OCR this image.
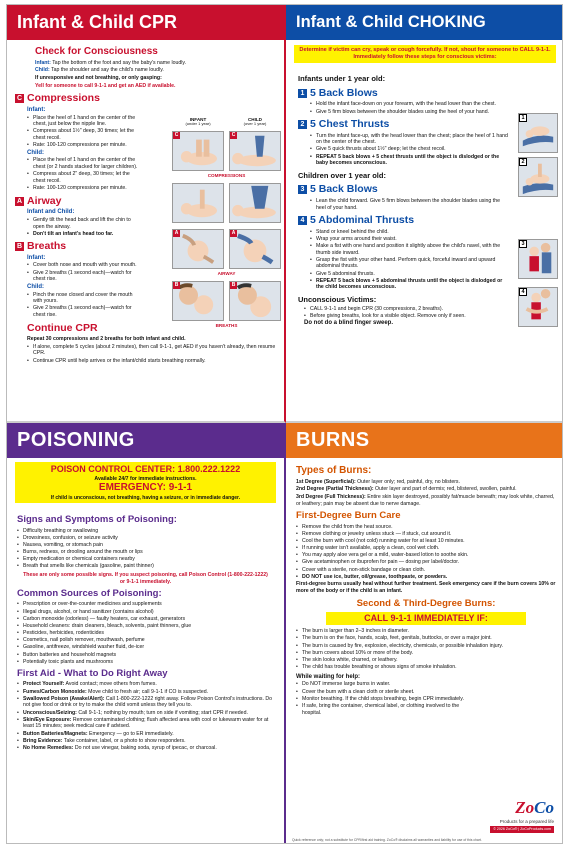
Infant & Child CPR
Check for Consciousness

Infant: Tap the bottom of the foot and say the baby's name loudly.

Child: Tap the shoulder and say the child's name loudly.

If unresponsive and not breathing, or only gasping:

Yell for someone to call 9-1-1 and get an AED if available.

C Compressions
Infant:
• Place the heel of 1 hand on the center of the chest, just below the nipple line.
• Compress about 1½" deep, 30 times; let the chest recoil.
• Rate: 100-120 compressions per minute.
Child:
• Place the heel of 1 hand on the center of the chest (or 2 hands stacked for larger children).
• Compress about 2" deep, 30 times; let the chest recoil.
• Rate: 100-120 compressions per minute.
A Airway
Infant and Child:
• Gently tilt the head back and lift the chin to open the airway.
• Don't tilt an infant's head too far.
B Breaths
Infant:
• Cover both nose and mouth with your mouth.
• Give 2 breaths (1 second each)—watch for chest rise.
Child:
• Pinch the nose closed and cover the mouth with yours.
• Give 2 breaths (1 second each)—watch for chest rise.
Continue CPR

Repeat 30 compressions and 2 breaths for both infant and child.

• If alone, complete 5 cycles (about 2 minutes), then call 9-1-1, get AED if you haven't already, then resume CPR.
• Continue CPR until help arrives or the infant/child starts breathing normally.
INFANT
(under 1 year)
CHILD
(over 1 year)
C	C
COMPRESSIONS
A	A
AIRWAY
B	B
BREATHS
Infant & Child CHOKING
Determine if victim can cry, speak or cough forcefully. If not, shout for someone to CALL 9-1-1. Immediately follow these steps for conscious victims:
Infants under 1 year old:
1 5 Back Blows
• Hold the infant face-down on your forearm, with the head lower than the chest.
• Give 5 firm blows between the shoulder blades using the heel of your hand.
2 5 Chest Thrusts
• Turn the infant face-up, with the head lower than the chest; place the heel of 1 hand on the center of the chest.
• Give 5 quick thrusts about 1½" deep; let the chest recoil.
• REPEAT 5 back blows + 5 chest thrusts until the object is dislodged or the baby becomes unconscious.
Children over 1 year old:
3 5 Back Blows
• Lean the child forward. Give 5 firm blows between the shoulder blades using the heel of your hand.
4 5 Abdominal Thrusts
• Stand or kneel behind the child.
• Wrap your arms around their waist.
• Make a fist with one hand and position it slightly above the child's navel, with the thumb side inward.
• Grasp the fist with your other hand. Perform quick, forceful inward and upward abdominal thrusts.
• Give 5 abdominal thrusts.
• REPEAT 5 back blows + 5 abdominal thrusts until the object is dislodged or the child becomes unconscious.
Unconscious Victims:
• CALL 9-1-1 and begin CPR (30 compressions, 2 breaths).
• Before giving breaths, look for a visible object. Remove only if seen.

Do not do a blind finger sweep.

1
2
3
4
POISONING
POISON CONTROL CENTER: 1.800.222.1222
Available 24/7 for immediate instructions.
EMERGENCY: 9-1-1
If child is unconscious, not breathing, having a seizure, or in immediate danger.
Signs and Symptoms of Poisoning:
• Difficulty breathing or swallowing
• Drowsiness, confusion, or seizure activity
• Nausea, vomiting, or stomach pain
• Burns, redness, or drooling around the mouth or lips
• Empty medication or chemical containers nearby
• Breath that smells like chemicals (gasoline, paint thinner)

These are only some possible signs. If you suspect poisoning, call Poison Control (1-800-222-1222) or 9-1-1 immediately.

Common Sources of Poisoning:
• Prescription or over-the-counter medicines and supplements
• Illegal drugs, alcohol, or hand sanitizer (contains alcohol)
• Carbon monoxide (odorless) — faulty heaters, car exhaust, generators
• Household cleaners: drain cleaners, bleach, solvents, paint thinners, glue
• Pesticides, herbicides, rodenticides
• Cosmetics, nail polish remover, mouthwash, perfume
• Gasoline, antifreeze, windshield washer fluid, de-icer
• Button batteries and household magnets
• Potentially toxic plants and mushrooms
First Aid - What to Do Right Away
• Protect Yourself: Avoid contact; move others from fumes.
• Fumes/Carbon Monoxide: Move child to fresh air; call 9-1-1 if CO is suspected.
• Swallowed Poison (Awake/Alert): Call 1-800-222-1222 right away. Follow Poison Control's instructions. Do not give food or drink or try to make the child vomit unless they tell you to.
• Unconscious/Seizing: Call 9-1-1; nothing by mouth; turn on side if vomiting; start CPR if needed.
• Skin/Eye Exposure: Remove contaminated clothing; flush affected area with cool or lukewarm water for at least 15 minutes; seek medical care if advised.
• Button Batteries/Magnets: Emergency — go to ER immediately.
• Bring Evidence: Take container, label, or a photo to show responders.
• No Home Remedies: Do not use vinegar, baking soda, syrup of ipecac, or charcoal.
BURNS
Types of Burns:

1st Degree (Superficial): Outer layer only; red, painful, dry, no blisters.

2nd Degree (Partial Thickness): Outer layer and part of dermis; red, blistered, swollen, painful.

3rd Degree (Full Thickness): Entire skin layer destroyed, possibly fat/muscle beneath; may look white, charred, or leathery; pain may be absent due to nerve damage.

First-Degree Burn Care
• Remove the child from the heat source.
• Remove clothing or jewelry unless stuck — if stuck, cut around it.
• Cool the burn with cool (not cold) running water for at least 10 minutes.
• If running water isn't available, apply a clean, cool wet cloth.
• You may apply aloe vera gel or a mild, water-based lotion to soothe skin.
• Give acetaminophen or ibuprofen for pain — dosing per label/doctor.
• Cover with a sterile, non-stick bandage or clean cloth.
• DO NOT use ice, butter, oil/grease, toothpaste, or powders.

First-degree burns usually heal without further treatment. Seek emergency care if the burn covers 10% or more of the body or if the child is an infant.

Second & Third-Degree Burns:
CALL 9-1-1 IMMEDIATELY IF:
• The burn is larger than 2–3 inches in diameter.
• The burn is on the face, hands, scalp, feet, genitals, buttocks, or over a major joint.
• The burn is caused by fire, explosion, electricity, chemicals, or possible inhalation injury.
• The burn covers about 10% or more of the body.
• The skin looks white, charred, or leathery.
• The child has trouble breathing or shows signs of smoke inhalation.
While waiting for help:
• Do NOT immerse large burns in water.
• Cover the burn with a clean cloth or sterile sheet.
• Monitor breathing. If the child stops breathing, begin CPR immediately.
• If safe, bring the container, chemical label, or clothing involved to the hospital.
ZoCo
Products for a prepared life
© 2026 ZoCo® | ZoCoProducts.com
Quick reference only; not a substitute for CPR/first aid training. ZoCo® disclaims all warranties and liability for use of this chart.
